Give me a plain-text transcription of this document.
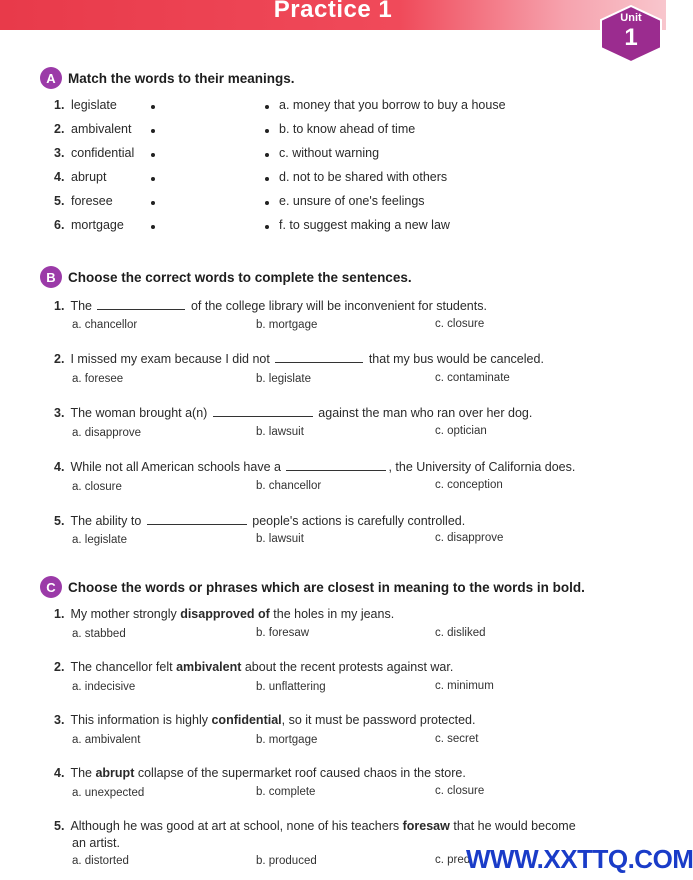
Practice 1	Unit
1
A Match the words to their meanings.
1. legislate	a. money that you borrow to buy a house
2. ambivalent	b. to know ahead of time
3. confidential	c. without warning
4. abrupt	d. not to be shared with others
5. foresee	e. unsure of one's feelings
6. mortgage	f. to suggest making a new law
B Choose the correct words to complete the sentences.
1. The	of the college library will be inconvenient for students.
a. chancellor	b. mortgage	c. closure
2. I missed my exam because I did not	that my bus would be canceled.
a. foresee	b. legislate	c. contaminate
3. The woman brought a(n)	against the man who ran over her dog.
a. disapprove	b. lawsuit	c. optician
4. While not all American schools have a	, the University of California does.
a. closure	b. chancellor	c. conception
5. The ability to	people's actions is carefully controlled.
a. legislate	b. lawsuit	c. disapprove
C Choose the words or phrases which are closest in meaning to the words in bold.
1. My mother strongly disapproved of the holes in my jeans.
a. stabbed	b. foresaw	c. disliked
2. The chancellor felt ambivalent about the recent protests against war.
a. indecisive	b. unflattering	c. minimum
3. This information is highly confidential, so it must be password protected.
a. ambivalent	b. mortgage	c. secret
4. The abrupt collapse of the supermarket roof caused chaos in the store.
a. unexpected	b. complete	c. closure
5. Although he was good at art at school, none of his teachers foresaw that he would become
an artist.
a. distorted	b. produced	c. pred
WWW.XXTTQ.COM
